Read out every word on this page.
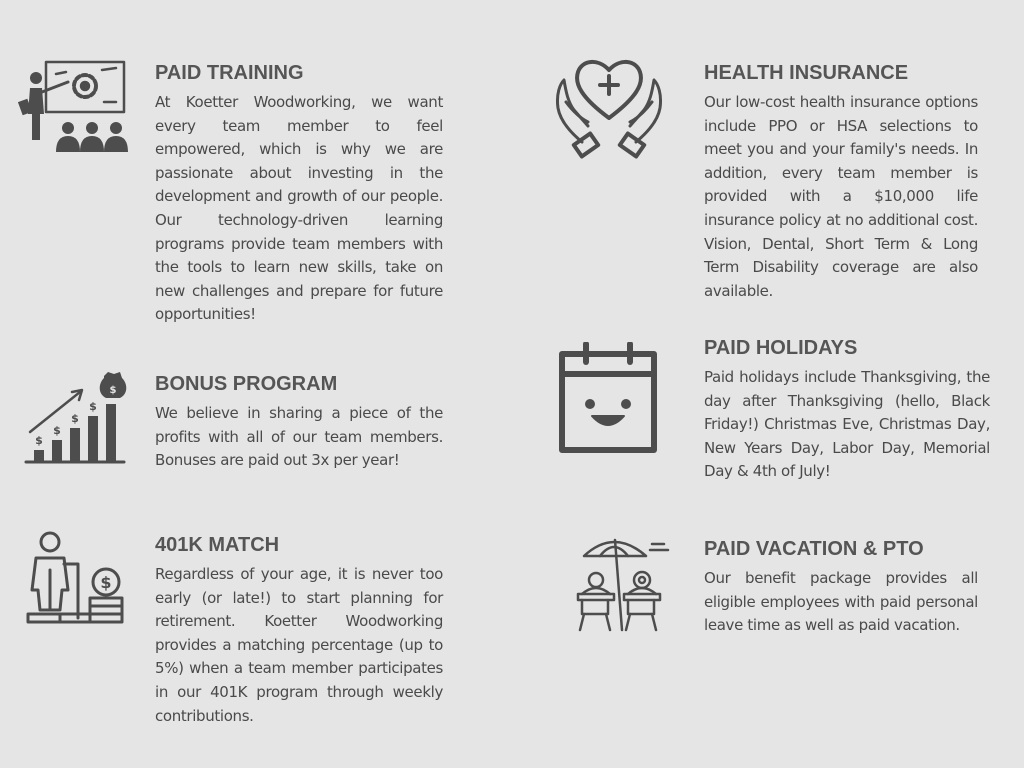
PAID TRAINING

At Koetter Woodworking, we want every team member to feel empowered, which is why we are passionate about investing in the development and growth of our people. Our technology-driven learning programs provide team members with the tools to learn new skills, take on new challenges and prepare for future opportunities!

HEALTH INSURANCE

Our low-cost health insurance options include PPO or HSA selections to meet you and your family's needs. In addition, every team member is provided with a $10,000 life insurance policy at no additional cost. Vision, Dental, Short Term & Long Term Disability coverage are also available.

$
$
$
$
$ BONUS PROGRAM

We believe in sharing a piece of the profits with all of our team members. Bonuses are paid out 3x per year!

PAID HOLIDAYS

Paid holidays include Thanksgiving, the day after Thanksgiving (hello, Black Friday!) Christmas Eve, Christmas Day, New Years Day, Labor Day, Memorial Day & 4th of July!

$
401K MATCH

Regardless of your age, it is never too early (or late!) to start planning for retirement. Koetter Woodworking provides a matching percentage (up to 5%) when a team member participates in our 401K program through weekly contributions.

PAID VACATION & PTO

Our benefit package provides all eligible employees with paid personal leave time as well as paid vacation.
